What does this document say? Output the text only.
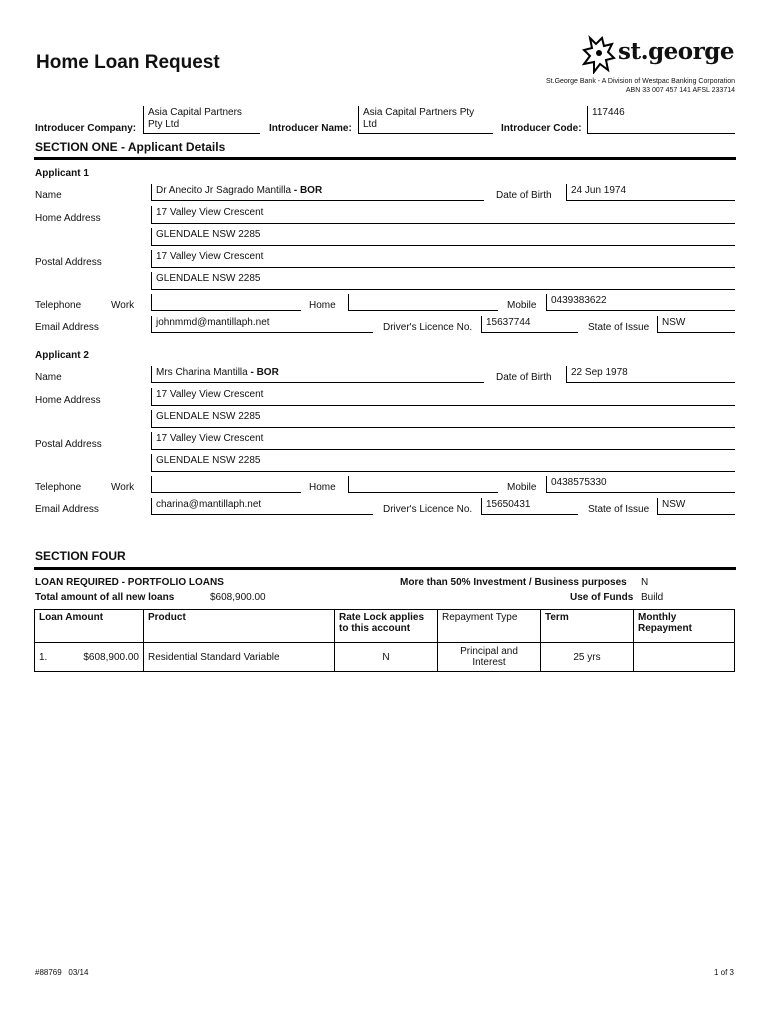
Home Loan Request	st.george
St.George Bank - A Division of Westpac Banking Corporation
ABN 33 007 457 141 AFSL 233714
Introducer Company:
Asia Capital Partners
Pty Ltd	Introducer Name:
Asia Capital Partners Pty
Ltd	Introducer Code:
117446
SECTION ONE - Applicant Details
Applicant 1
Name	Dr Anecito Jr Sagrado Mantilla - BOR	Date of Birth	24 Jun 1974
Home Address
17 Valley View Crescent
GLENDALE NSW 2285
Postal Address
17 Valley View Crescent
GLENDALE NSW 2285
Telephone	Work	Home	Mobile	0439383622
Email Address	johnmmd@mantillaph.net	Driver's Licence No.	15637744	State of Issue	NSW
Applicant 2
Name	Mrs Charina Mantilla - BOR	Date of Birth	22 Sep 1978
Home Address
17 Valley View Crescent
GLENDALE NSW 2285
Postal Address
17 Valley View Crescent
GLENDALE NSW 2285
Telephone	Work	Home	Mobile	0438575330
Email Address	charina@mantillaph.net	Driver's Licence No.	15650431	State of Issue	NSW
SECTION FOUR
LOAN REQUIRED - PORTFOLIO LOANS
Total amount of all new loans	$608,900.00
More than 50% Investment / Business purposes N
Use of Funds Build
Loan Amount	Product	Rate Lock applies
to this account	Repayment Type	Term	Monthly
Repayment
1. $608,900.00	Residential Standard Variable	N	Principal and
Interest	25 yrs	
#88769 03/14	1 of 3
